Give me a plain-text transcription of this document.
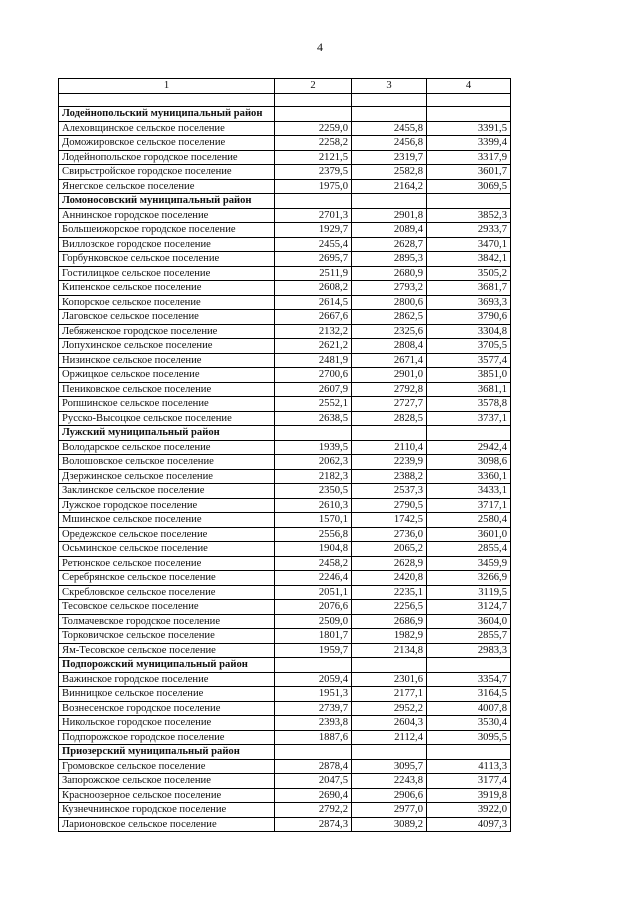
4
1	2	3	4

Лодейнопольский муниципальный район			
Алеховщинское сельское поселение	2259,0	2455,8	3391,5
Доможировское сельское поселение	2258,2	2456,8	3399,4
Лодейнопольское городское поселение	2121,5	2319,7	3317,9
Свирьстройское городское поселение	2379,5	2582,8	3601,7
Янегское сельское поселение	1975,0	2164,2	3069,5
Ломоносовский муниципальный район			
Аннинское городское поселение	2701,3	2901,8	3852,3
Большеижорское городское поселение	1929,7	2089,4	2933,7
Виллозское городское поселение	2455,4	2628,7	3470,1
Горбунковское сельское поселение	2695,7	2895,3	3842,1
Гостилицкое сельское поселение	2511,9	2680,9	3505,2
Кипенское сельское поселение	2608,2	2793,2	3681,7
Копорское сельское поселение	2614,5	2800,6	3693,3
Лаговское сельское поселение	2667,6	2862,5	3790,6
Лебяженское городское поселение	2132,2	2325,6	3304,8
Лопухинское сельское поселение	2621,2	2808,4	3705,5
Низинское сельское поселение	2481,9	2671,4	3577,4
Оржицкое сельское поселение	2700,6	2901,0	3851,0
Пениковское сельское поселение	2607,9	2792,8	3681,1
Ропшинское сельское поселение	2552,1	2727,7	3578,8
Русско-Высоцкое сельское поселение	2638,5	2828,5	3737,1
Лужский муниципальный район			
Володарское сельское поселение	1939,5	2110,4	2942,4
Волошовское сельское поселение	2062,3	2239,9	3098,6
Дзержинское сельское поселение	2182,3	2388,2	3360,1
Заклинское сельское поселение	2350,5	2537,3	3433,1
Лужское городское поселение	2610,3	2790,5	3717,1
Мшинское сельское поселение	1570,1	1742,5	2580,4
Оредежское сельское поселение	2556,8	2736,0	3601,0
Осьминское сельское поселение	1904,8	2065,2	2855,4
Ретюнское сельское поселение	2458,2	2628,9	3459,9
Серебрянское сельское поселение	2246,4	2420,8	3266,9
Скребловское сельское поселение	2051,1	2235,1	3119,5
Тесовское сельское поселение	2076,6	2256,5	3124,7
Толмачевское городское поселение	2509,0	2686,9	3604,0
Торковичское сельское поселение	1801,7	1982,9	2855,7
Ям-Тесовское сельское поселение	1959,7	2134,8	2983,3
Подпорожский муниципальный район			
Важинское городское поселение	2059,4	2301,6	3354,7
Винницкое сельское поселение	1951,3	2177,1	3164,5
Вознесенское городское поселение	2739,7	2952,2	4007,8
Никольское городское поселение	2393,8	2604,3	3530,4
Подпорожское городское поселение	1887,6	2112,4	3095,5
Приозерский муниципальный район			
Громовское сельское поселение	2878,4	3095,7	4113,3
Запорожское сельское поселение	2047,5	2243,8	3177,4
Красноозерное сельское поселение	2690,4	2906,6	3919,8
Кузнечнинское городское поселение	2792,2	2977,0	3922,0
Ларионовское сельское поселение	2874,3	3089,2	4097,3
